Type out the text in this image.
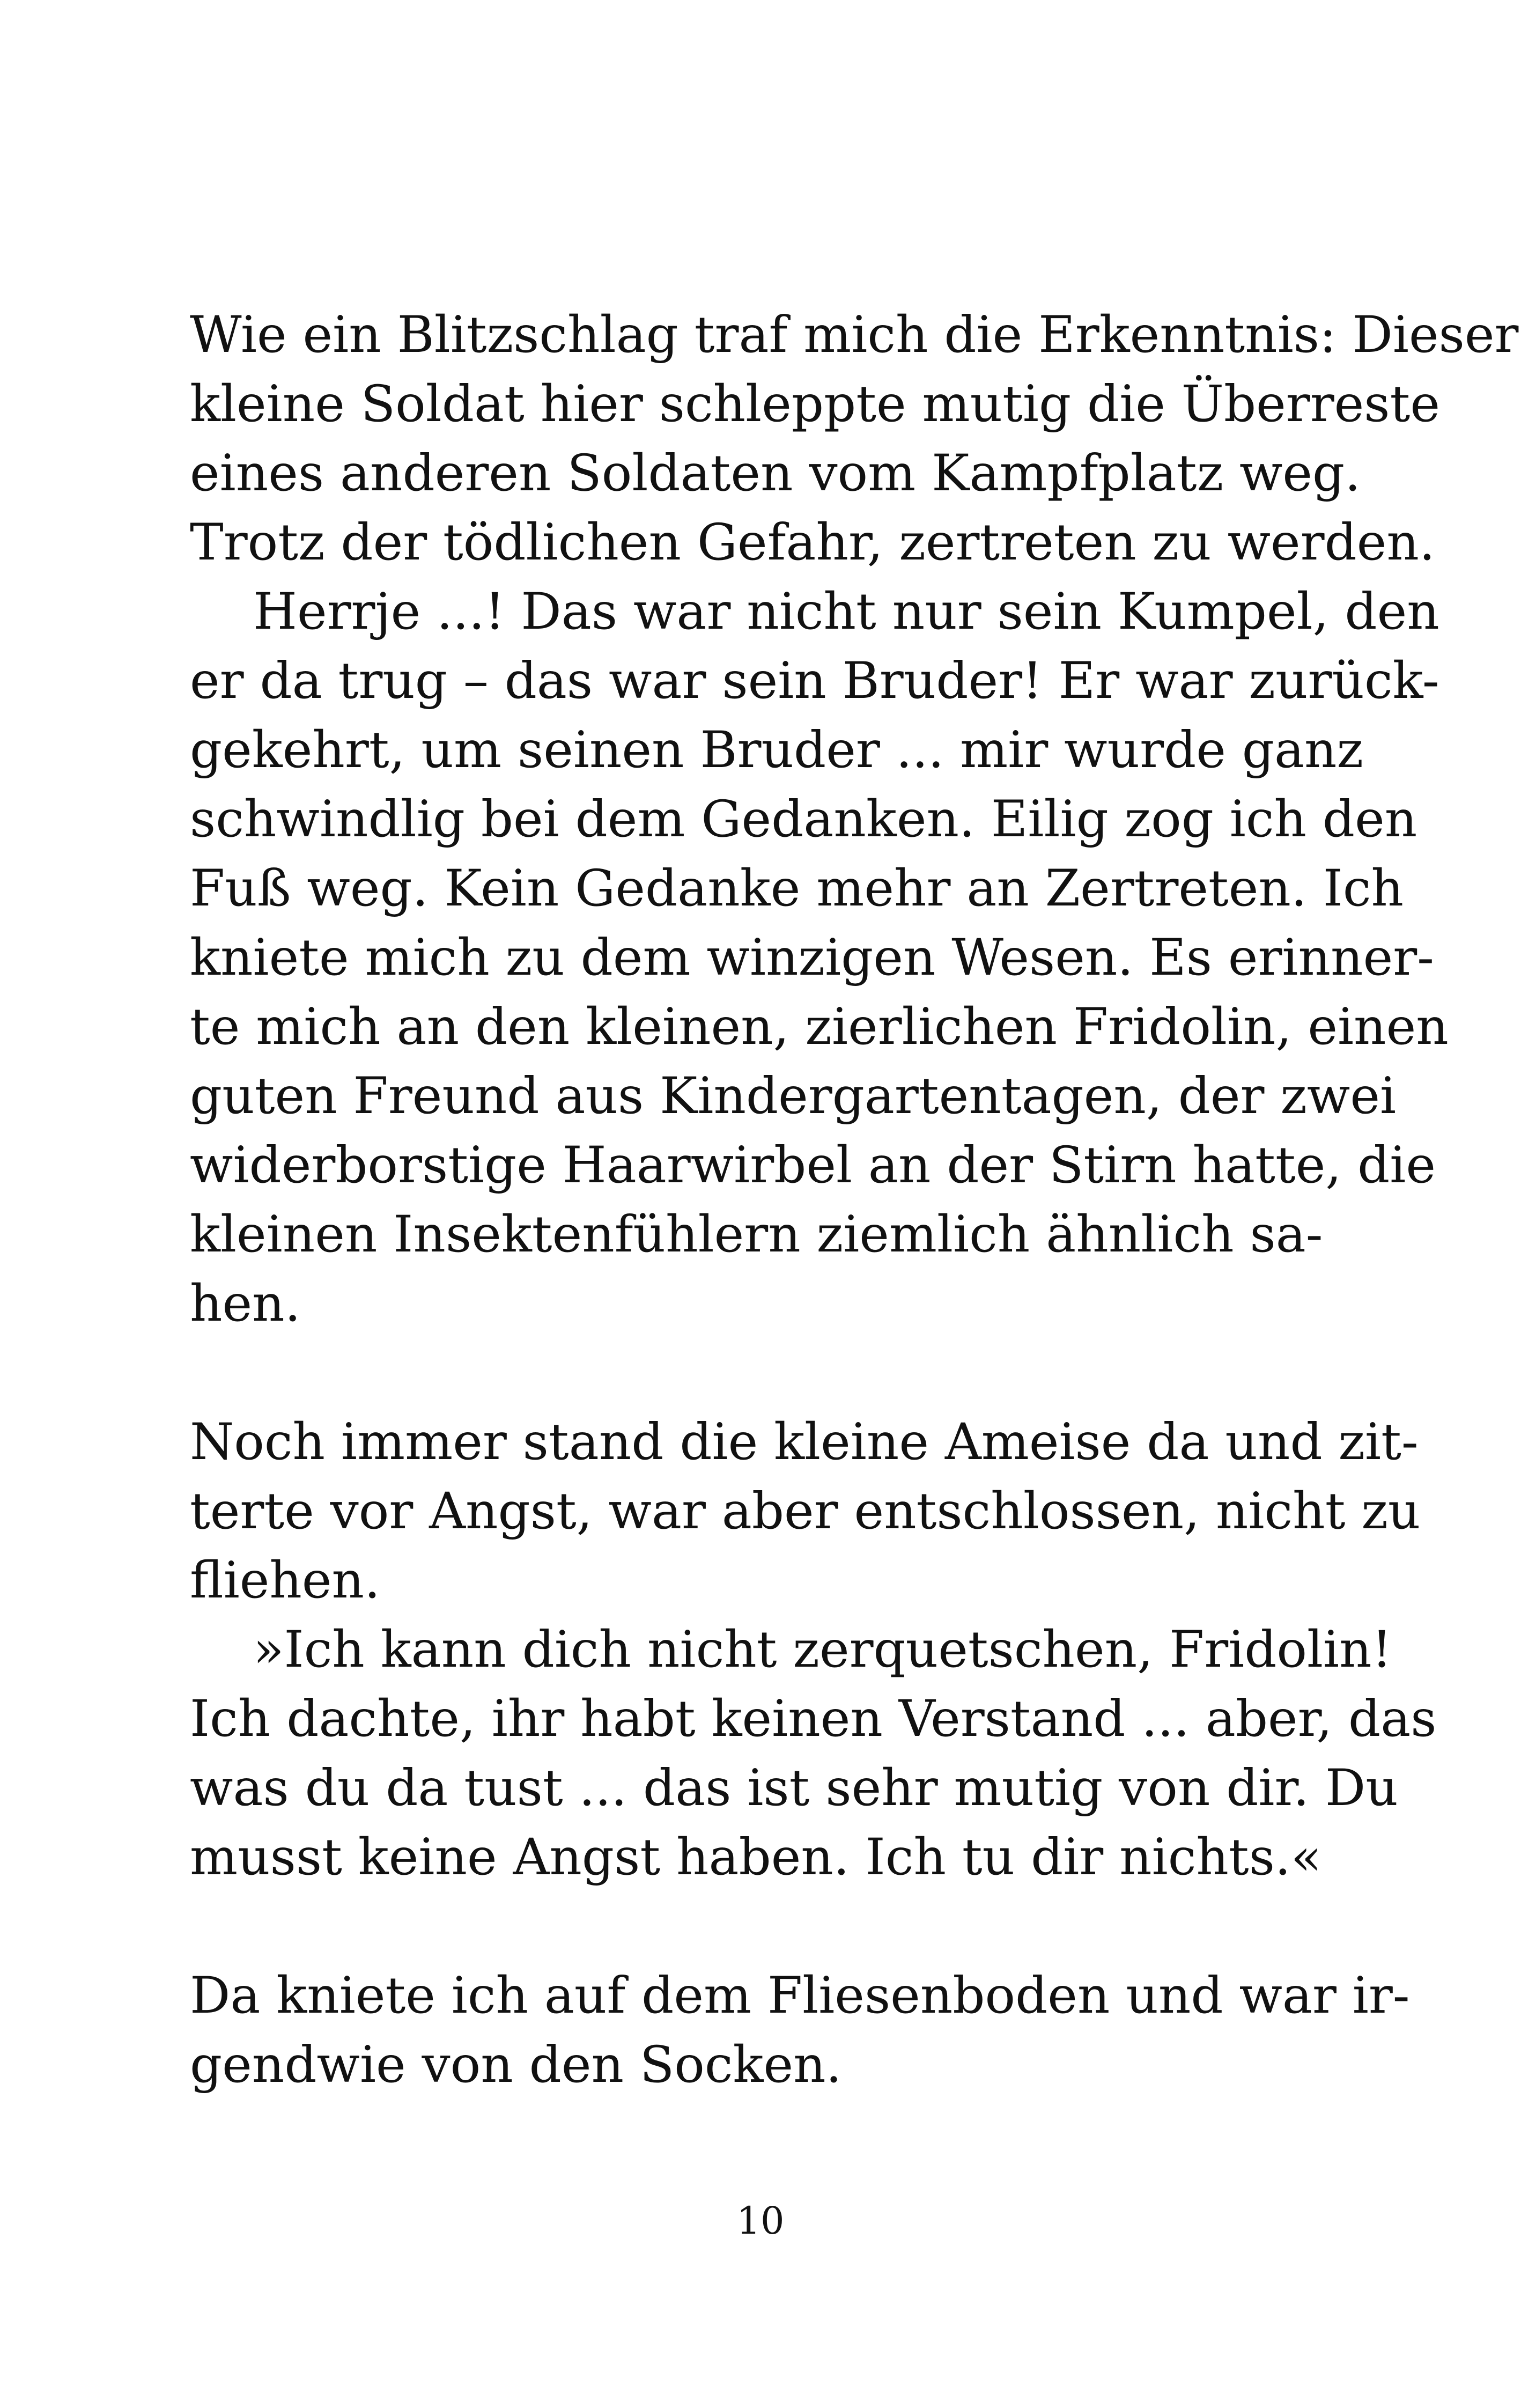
Wie ein Blitzschlag traf mich die Erkenntnis: Dieser
kleine Soldat hier schleppte mutig die Überreste
eines anderen Soldaten vom Kampfplatz weg.
Trotz der tödlichen Gefahr, zertreten zu werden.
Herrje ...! Das war nicht nur sein Kumpel, den
er da trug – das war sein Bruder! Er war zurück-
gekehrt, um seinen Bruder ... mir wurde ganz
schwindlig bei dem Gedanken. Eilig zog ich den
Fuß weg. Kein Gedanke mehr an Zertreten. Ich
kniete mich zu dem winzigen Wesen. Es erinner-
te mich an den kleinen, zierlichen Fridolin, einen
guten Freund aus Kindergartentagen, der zwei
widerborstige Haarwirbel an der Stirn hatte, die
kleinen Insektenfühlern ziemlich ähnlich sa-
hen.
Noch immer stand die kleine Ameise da und zit-
terte vor Angst, war aber entschlossen, nicht zu
fliehen.
»Ich kann dich nicht zerquetschen, Fridolin!
Ich dachte, ihr habt keinen Verstand ... aber, das
was du da tust ... das ist sehr mutig von dir. Du
musst keine Angst haben. Ich tu dir nichts.«
Da kniete ich auf dem Fliesenboden und war ir-
gendwie von den Socken.
10
